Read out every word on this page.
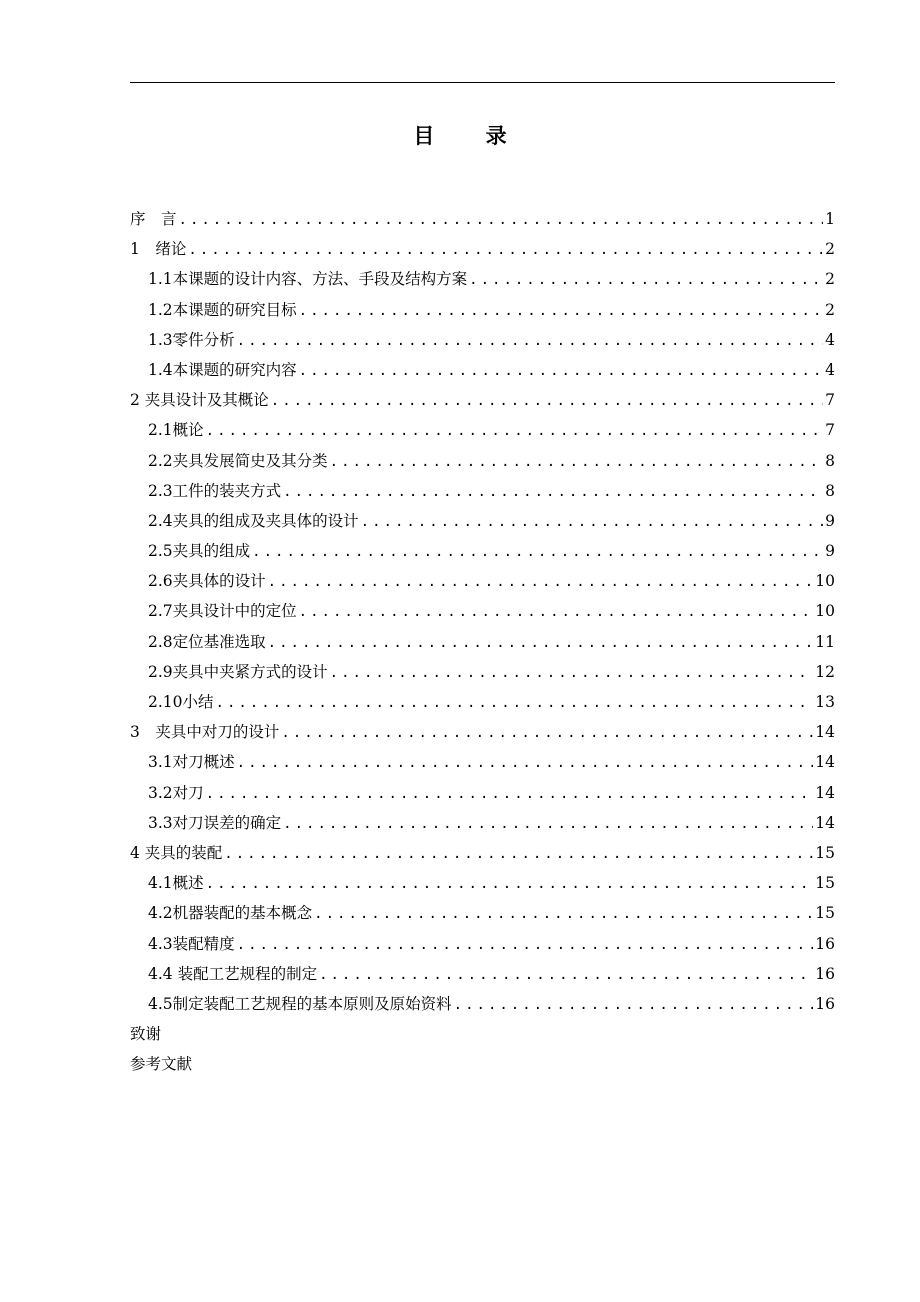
目 录
序　言 .....	1
1　绪论 .....	2
1.1本课题的设计内容、方法、手段及结构方案 .....	2
1.2本课题的研究目标 .....	2
1.3零件分析 .....	4
1.4本课题的研究内容 .....	4
2 夹具设计及其概论 .....	7
2.1概论 .....	7
2.2夹具发展简史及其分类 .....	8
2.3工件的装夹方式 .....	8
2.4夹具的组成及夹具体的设计 .....	9
2.5夹具的组成 .....	9
2.6夹具体的设计 .....	10
2.7夹具设计中的定位 .....	10
2.8定位基准选取 .....	11
2.9夹具中夹紧方式的设计 .....	12
2.10小结 .....	13
3　夹具中对刀的设计 .....	14
3.1对刀概述 .....	14
3.2对刀 .....	14
3.3对刀误差的确定 .....	14
4 夹具的装配 .....	15
4.1概述 .....	15
4.2机器装配的基本概念 .....	15
4.3装配精度 .....	16
4.4 装配工艺规程的制定 .....	16
4.5制定装配工艺规程的基本原则及原始资料 .....	16
致谢
参考文献
